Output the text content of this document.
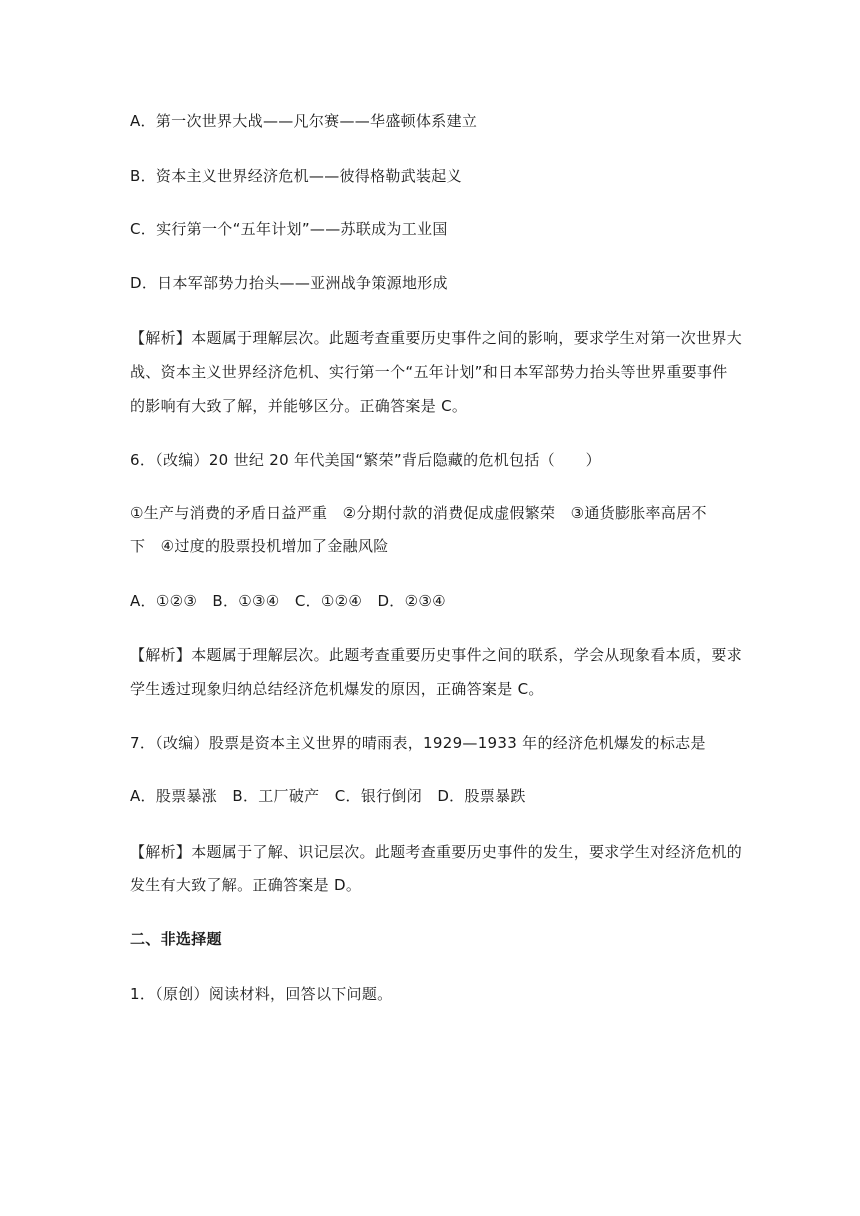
A．第一次世界大战——凡尔赛——华盛顿体系建立
B．资本主义世界经济危机——彼得格勒武装起义
C．实行第一个“五年计划”——苏联成为工业国
D．日本军部势力抬头——亚洲战争策源地形成
【解析】本题属于理解层次。此题考查重要历史事件之间的影响，要求学生对第一次世界大
战、资本主义世界经济危机、实行第一个“五年计划”和日本军部势力抬头等世界重要事件
的影响有大致了解，并能够区分。正确答案是 C。
6．（改编）20 世纪 20 年代美国“繁荣”背后隐藏的危机包括（　　）
①生产与消费的矛盾日益严重　②分期付款的消费促成虚假繁荣　③通货膨胀率高居不
下　④过度的股票投机增加了金融风险
A．①②③　B．①③④　C．①②④　D．②③④
【解析】本题属于理解层次。此题考查重要历史事件之间的联系，学会从现象看本质，要求
学生透过现象归纳总结经济危机爆发的原因，正确答案是 C。
7．（改编）股票是资本主义世界的晴雨表，1929—1933 年的经济危机爆发的标志是
A．股票暴涨　B．工厂破产　C．银行倒闭　D．股票暴跌
【解析】本题属于了解、识记层次。此题考查重要历史事件的发生，要求学生对经济危机的
发生有大致了解。正确答案是 D。
二、非选择题
1．（原创）阅读材料，回答以下问题。
